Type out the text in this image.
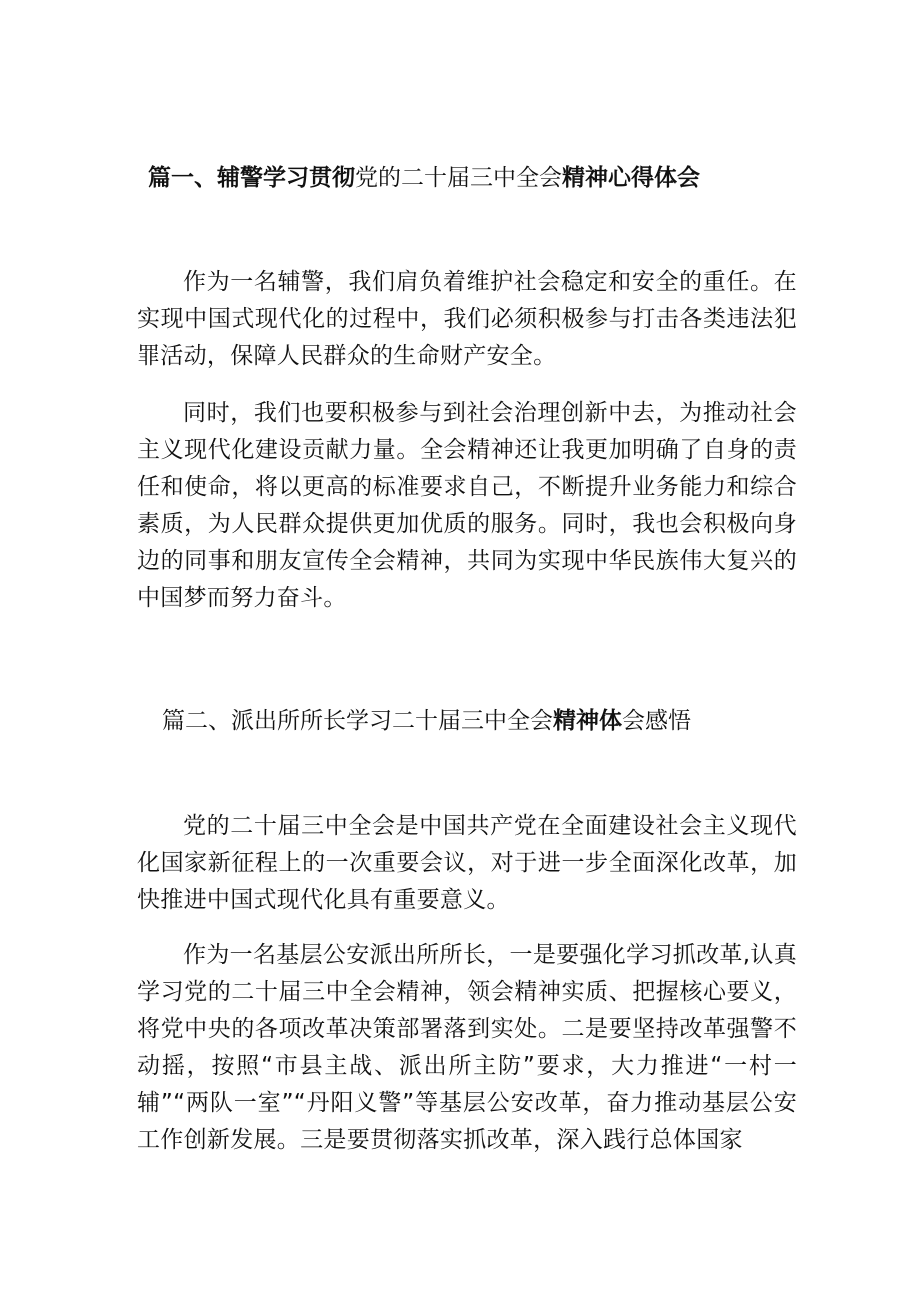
篇一、辅警学习贯彻党的二十届三中全会精神心得体会

作为一名辅警，我们肩负着维护社会稳定和安全的重任。在实现中国式现代化的过程中，我们必须积极参与打击各类违法犯罪活动，保障人民群众的生命财产安全。

同时，我们也要积极参与到社会治理创新中去，为推动社会主义现代化建设贡献力量。全会精神还让我更加明确了自身的责任和使命，将以更高的标准要求自己，不断提升业务能力和综合素质，为人民群众提供更加优质的服务。同时，我也会积极向身边的同事和朋友宣传全会精神，共同为实现中华民族伟大复兴的中国梦而努力奋斗。

篇二、派出所所长学习二十届三中全会精神体会感悟

党的二十届三中全会是中国共产党在全面建设社会主义现代化国家新征程上的一次重要会议，对于进一步全面深化改革，加快推进中国式现代化具有重要意义。

作为一名基层公安派出所所长，一是要强化学习抓改革,认真学习党的二十届三中全会精神，领会精神实质、把握核心要义，将党中央的各项改革决策部署落到实处。二是要坚持改革强警不动摇，按照“市县主战、派出所主防”要求，大力推进“一村一辅”“两队一室”“丹阳义警”等基层公安改革，奋力推动基层公安工作创新发展。三是要贯彻落实抓改革，深入践行总体国家
